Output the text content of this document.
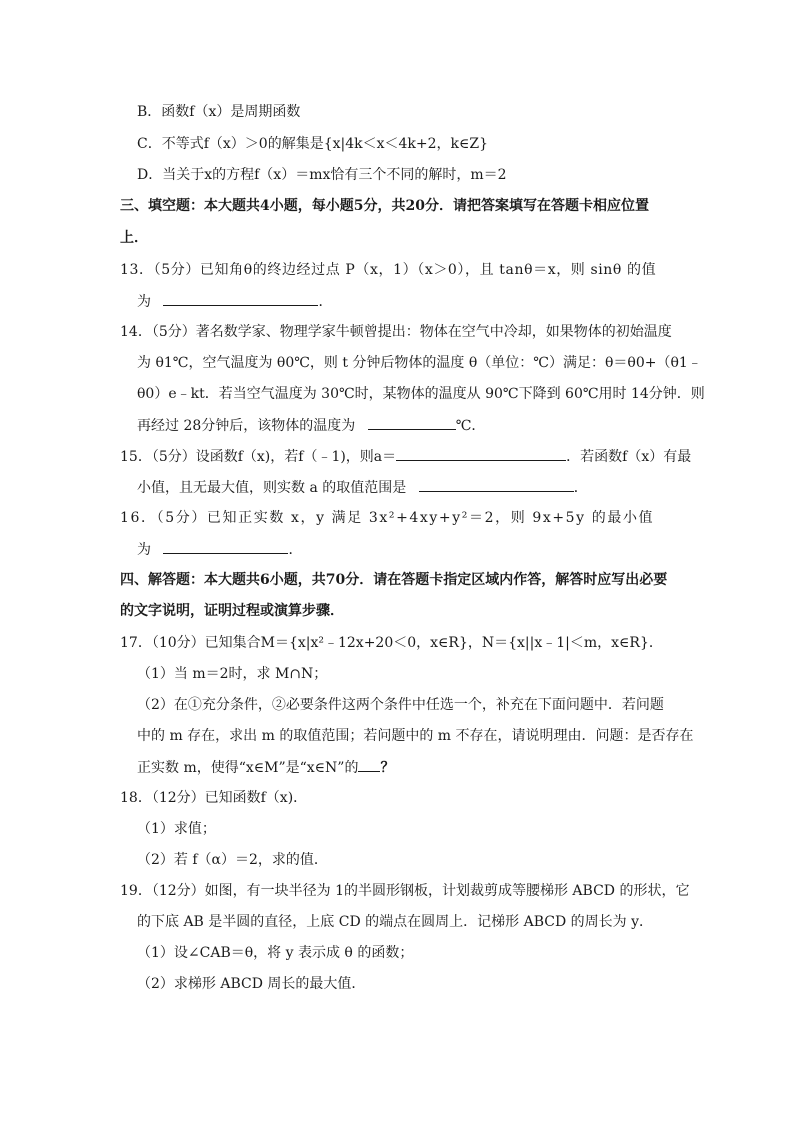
B．函数f（x）是周期函数
C．不等式f（x）＞0的解集是{x|4k＜x＜4k+2，k∈Z}
D．当关于x的方程f（x）＝mx恰有三个不同的解时，m＝2
三、填空题：本大题共4小题，每小题5分，共20分．请把答案填写在答题卡相应位置
上．
13．（5分）已知角θ的终边经过点 P（x，1）（x＞0），且 tanθ＝x，则 sinθ 的值
为	．
14．（5分）著名数学家、物理学家牛顿曾提出：物体在空气中冷却，如果物体的初始温度
为 θ1℃，空气温度为 θ0℃，则 t 分钟后物体的温度 θ（单位：℃）满足：θ＝θ0+（θ1﹣
θ0）e﹣kt．若当空气温度为 30℃时，某物体的温度从 90℃下降到 60℃用时 14分钟．则
再经过 28分钟后，该物体的温度为	℃．
15．（5分）设函数f（x)，若f（﹣1)，则a＝	．若函数f（x）有最
小值，且无最大值，则实数 a 的取值范围是	．
16．（5分）已知正实数 x，y 满足 3x²+4xy+y²＝2，则 9x+5y 的最小值
为	．
四、解答题：本大题共6小题，共70分．请在答题卡指定区域内作答，解答时应写出必要
的文字说明，证明过程或演算步骤．
17．（10分）已知集合M＝{x|x²﹣12x+20＜0，x∈R}，N＝{x||x﹣1|＜m，x∈R}．
（1）当 m＝2时，求 M∩N；
（2）在①充分条件，②必要条件这两个条件中任选一个，补充在下面问题中．若问题
中的 m 存在，求出 m 的取值范围；若问题中的 m 不存在，请说明理由．问题：是否存在
正实数 m，使得“x∈M”是“x∈N”的 ？
18．（12分）已知函数f（x)．
（1）求值；
（2）若 f（α）＝2，求的值．
19．（12分）如图，有一块半径为 1的半圆形钢板，计划裁剪成等腰梯形 ABCD 的形状，它
的下底 AB 是半圆的直径，上底 CD 的端点在圆周上．记梯形 ABCD 的周长为 y．
（1）设∠CAB＝θ，将 y 表示成 θ 的函数；
（2）求梯形 ABCD 周长的最大值．
